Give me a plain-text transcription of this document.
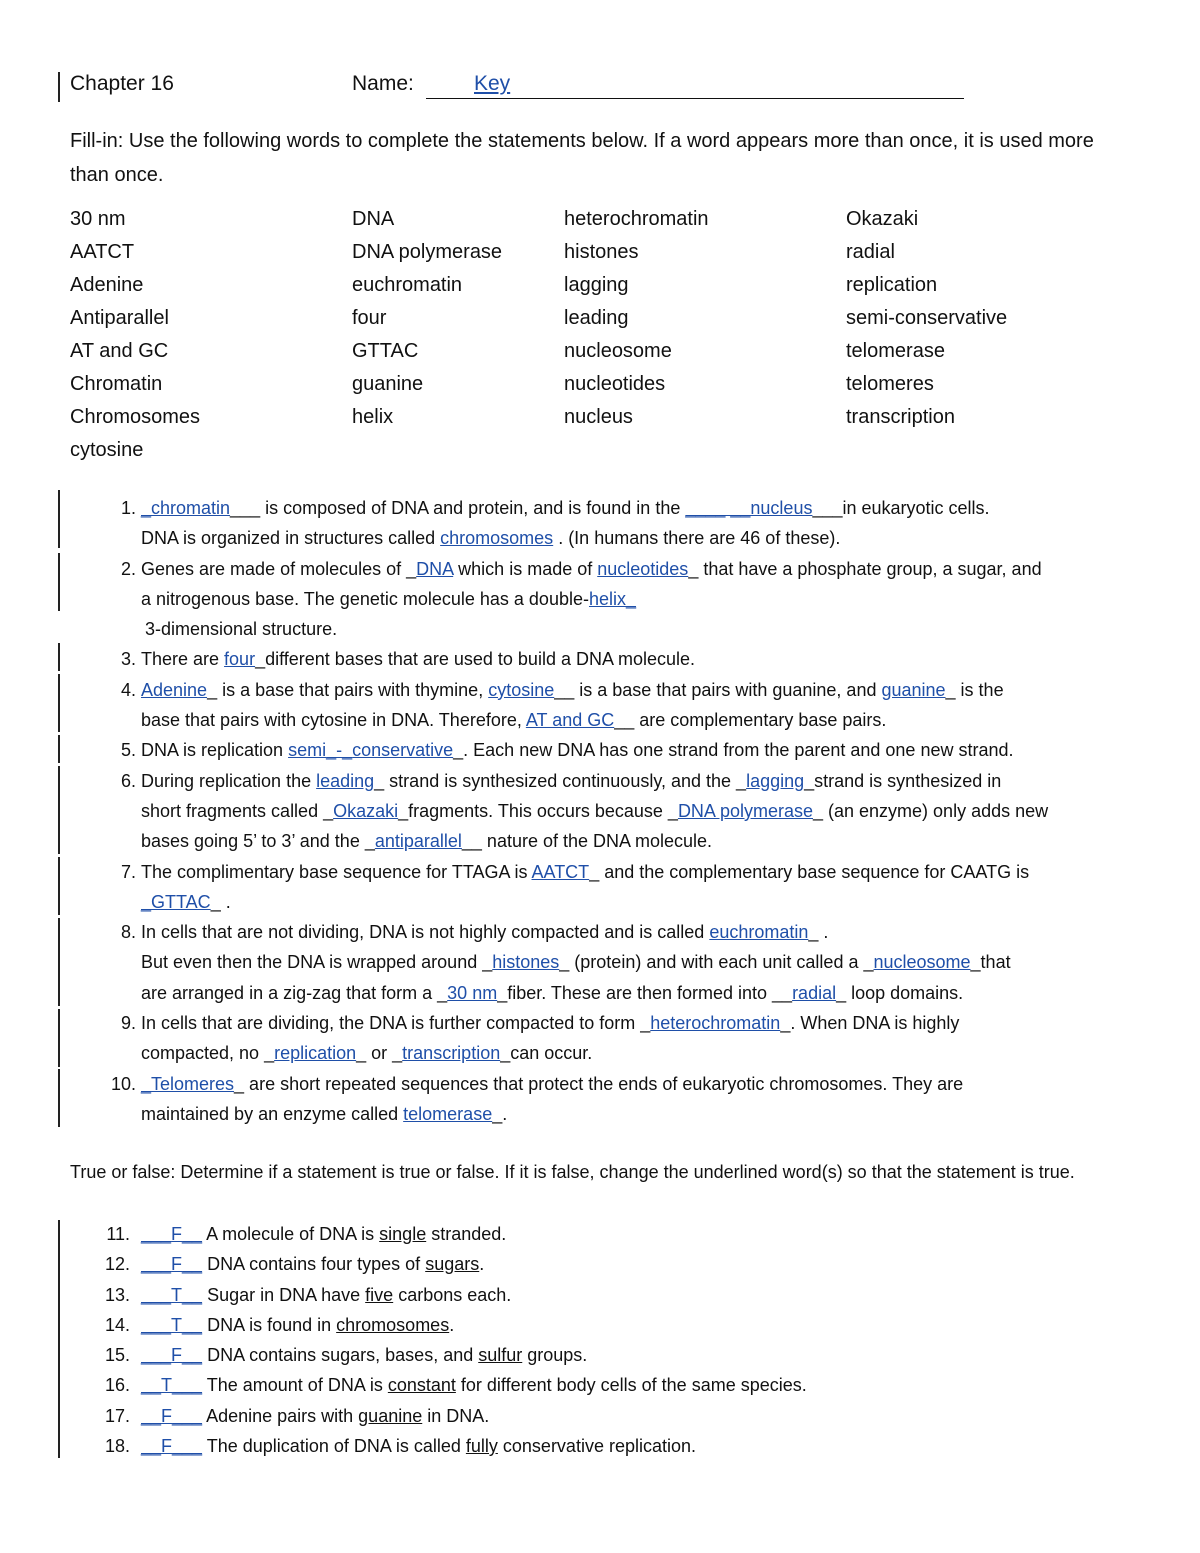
Chapter 16	Name:	Key
Fill-in: Use the following words to complete the statements below. If a word appears more than once, it is used more than once.
30 nm	DNA	heterochromatin	Okazaki
AATCT	DNA polymerase	histones	radial
Adenine	euchromatin	lagging	replication
Antiparallel	four	leading	semi-conservative
AT and GC	GTTAC	nucleosome	telomerase
Chromatin	guanine	nucleotides	telomeres
Chromosomes	helix	nucleus	transcription
cytosine
1. _chromatin___ is composed of DNA and protein, and is found in the ____ __nucleus___in eukaryotic cells.
DNA is organized in structures called chromosomes . (In humans there are 46 of these).
2. Genes are made of molecules of _DNA which is made of nucleotides_ that have a phosphate group, a sugar, and
a nitrogenous base. The genetic molecule has a double-helix_
3-dimensional structure.
3. There are four_different bases that are used to build a DNA molecule.
4. Adenine_ is a base that pairs with thymine, cytosine__ is a base that pairs with guanine, and guanine_ is the
base that pairs with cytosine in DNA. Therefore, AT and GC__ are complementary base pairs.
5. DNA is replication semi_-_conservative_. Each new DNA has one strand from the parent and one new strand.
6. During replication the leading_ strand is synthesized continuously, and the _lagging_strand is synthesized in
short fragments called _Okazaki_fragments. This occurs because _DNA polymerase_ (an enzyme) only adds new
bases going 5’ to 3’ and the _antiparallel__ nature of the DNA molecule.
7. The complimentary base sequence for TTAGA is AATCT_ and the complementary base sequence for CAATG is
_GTTAC_ .
8. In cells that are not dividing, DNA is not highly compacted and is called euchromatin_ .
But even then the DNA is wrapped around _histones_ (protein) and with each unit called a _nucleosome_that
are arranged in a zig-zag that form a _30 nm_fiber. These are then formed into __radial_ loop domains.
9. In cells that are dividing, the DNA is further compacted to form _heterochromatin_. When DNA is highly
compacted, no _replication_ or _transcription_can occur.
10. _Telomeres_ are short repeated sequences that protect the ends of eukaryotic chromosomes. They are
maintained by an enzyme called telomerase_.
True or false: Determine if a statement is true or false. If it is false, change the underlined word(s) so that the statement is true.
11. ___F__ A molecule of DNA is single stranded.
12. ___F__ DNA contains four types of sugars.
13. ___T__ Sugar in DNA have five carbons each.
14. ___T__ DNA is found in chromosomes.
15. ___F__ DNA contains sugars, bases, and sulfur groups.
16. __T___ The amount of DNA is constant for different body cells of the same species.
17. __F___ Adenine pairs with guanine in DNA.
18. __F___ The duplication of DNA is called fully conservative replication.
